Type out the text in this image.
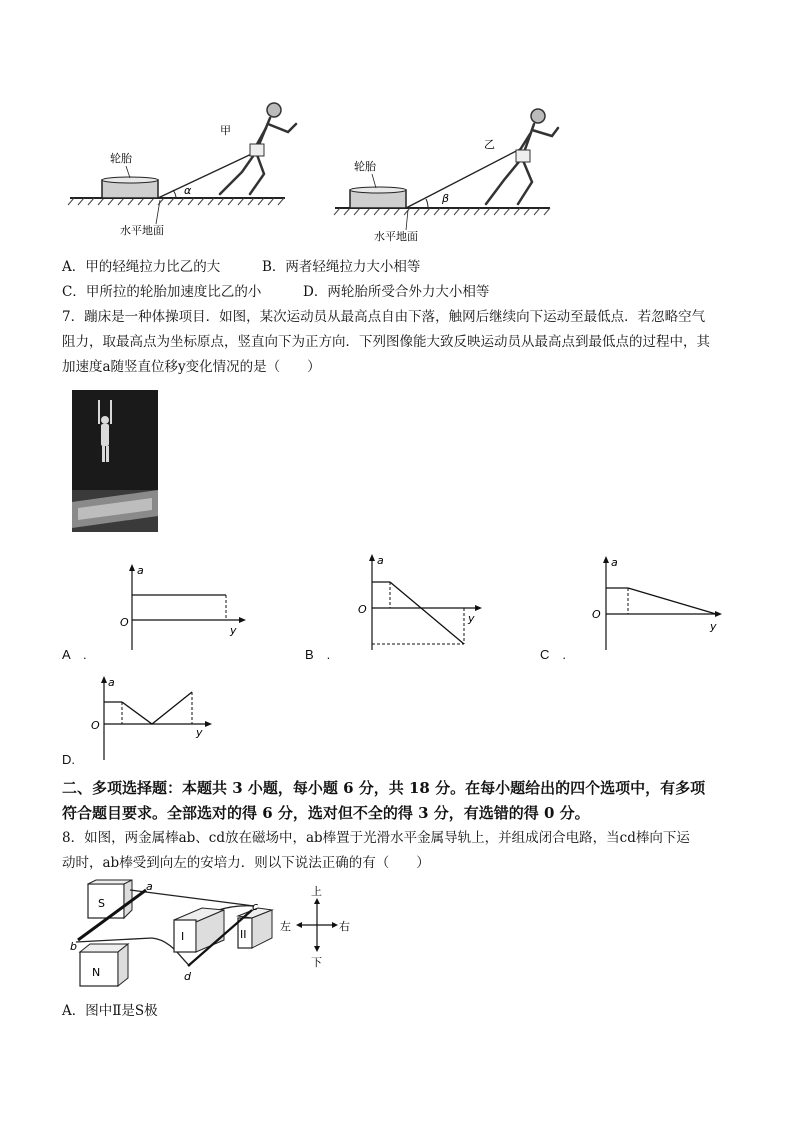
轮胎
甲
α
水平地面
轮胎
乙
β
水平地面
A．甲的轻绳拉力比乙的大	B．两者轻绳拉力大小相等
C．甲所拉的轮胎加速度比乙的小	D．两轮胎所受合外力大小相等
7．蹦床是一种体操项目．如图，某次运动员从最高点自由下落，触网后继续向下运动至最低点．若忽略空气
阻力，取最高点为坐标原点，竖直向下为正方向．下列图像能大致反映运动员从最高点到最低点的过程中，其
加速度a随竖直位移y变化情况的是（　　）
a
O
y
A　.
a
O
y
B　.
a
O
y
C　.
a
O
y
D.
二、多项选择题：本题共 3 小题，每小题 6 分，共 18 分。在每小题给出的四个选项中，有多项
符合题目要求。全部选对的得 6 分，选对但不全的得 3 分，有选错的得 0 分。
8．如图，两金属棒ab、cd放在磁场中，ab棒置于光滑水平金属导轨上，并组成闭合电路，当cd棒向下运
动时，ab棒受到向左的安培力．则以下说法正确的有（　　）
S
N
a
b
I	II
c
d
上
下
左	右
A．图中Ⅱ是S极
